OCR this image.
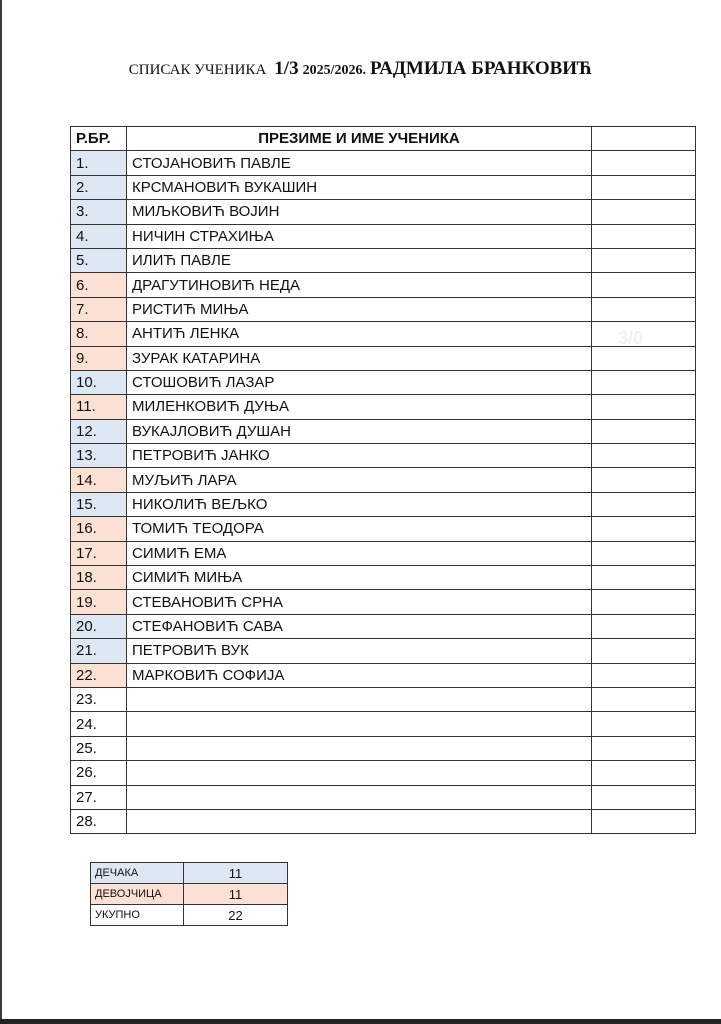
СПИСАК УЧЕНИКА 1/3 2025/2026. РАДМИЛА БРАНКОВИЋ
Р.БР.	ПРЕЗИМЕ И ИМЕ УЧЕНИКА	
1.	СТОЈАНОВИЋ ПАВЛЕ	
2.	КРСМАНОВИЋ ВУКАШИН	
3.	МИЉКОВИЋ ВОЈИН	
4.	НИЧИН СТРАХИЊА	
5.	ИЛИЋ ПАВЛЕ	
6.	ДРАГУТИНОВИЋ НЕДА	
7.	РИСТИЋ МИЊА	
8.	АНТИЋ ЛЕНКА	
9.	ЗУРАК КАТАРИНА	
10.	СТОШОВИЋ ЛАЗАР	
11.	МИЛЕНКОВИЋ ДУЊА	
12.	ВУКАЈЛОВИЋ ДУШАН	
13.	ПЕТРОВИЋ ЈАНКО	
14.	МУЉИЋ ЛАРА	
15.	НИКОЛИЋ ВЕЉКО	
16.	ТОМИЋ ТЕОДОРА	
17.	СИМИЋ ЕМА	
18.	СИМИЋ МИЊА	
19.	СТЕВАНОВИЋ СРНА	
20.	СТЕФАНОВИЋ САВА	
21.	ПЕТРОВИЋ ВУК	
22.	МАРКОВИЋ СОФИЈА	
23.		
24.		
25.		
26.		
27.		
28.		
3/0
ДЕЧАКА	11
ДЕВОЈЧИЦА	11
УКУПНО	22
